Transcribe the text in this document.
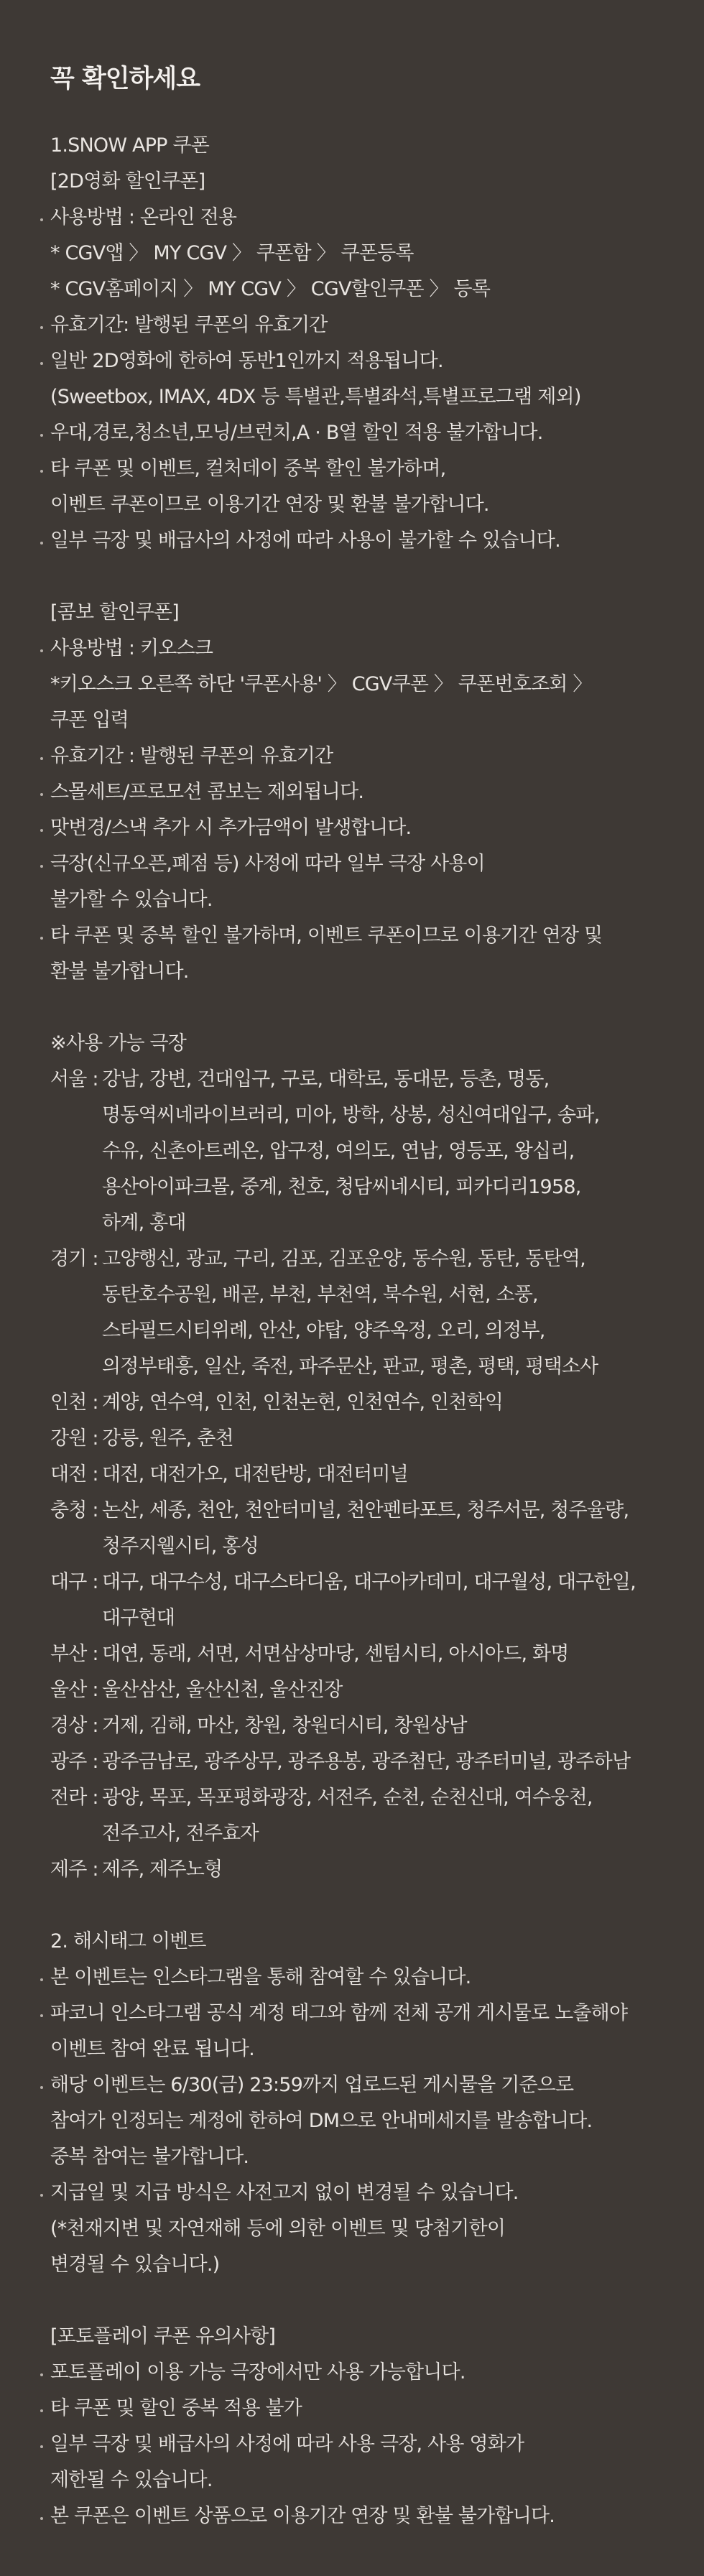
꼭 확인하세요
1.SNOW APP 쿠폰
[2D영화 할인쿠폰]
사용방법 : 온라인 전용
* CGV앱 〉 MY CGV 〉 쿠폰함 〉 쿠폰등록
* CGV홈페이지 〉 MY CGV 〉 CGV할인쿠폰 〉 등록
유효기간: 발행된 쿠폰의 유효기간
일반 2D영화에 한하여 동반1인까지 적용됩니다.
(Sweetbox, IMAX, 4DX 등 특별관,특별좌석,특별프로그램 제외)
우대,경로,청소년,모닝/브런치,A · B열 할인 적용 불가합니다.
타 쿠폰 및 이벤트, 컬처데이 중복 할인 불가하며,
이벤트 쿠폰이므로 이용기간 연장 및 환불 불가합니다.
일부 극장 및 배급사의 사정에 따라 사용이 불가할 수 있습니다.
[콤보 할인쿠폰]
사용방법 : 키오스크
*키오스크 오른쪽 하단 '쿠폰사용' 〉 CGV쿠폰 〉 쿠폰번호조회 〉
쿠폰 입력
유효기간 : 발행된 쿠폰의 유효기간
스몰세트/프로모션 콤보는 제외됩니다.
맛변경/스낵 추가 시 추가금액이 발생합니다.
극장(신규오픈,폐점 등) 사정에 따라 일부 극장 사용이
불가할 수 있습니다.
타 쿠폰 및 중복 할인 불가하며, 이벤트 쿠폰이므로 이용기간 연장 및
환불 불가합니다.
※사용 가능 극장
서울 : 강남, 강변, 건대입구, 구로, 대학로, 동대문, 등촌, 명동,
명동역씨네라이브러리, 미아, 방학, 상봉, 성신여대입구, 송파,
수유, 신촌아트레온, 압구정, 여의도, 연남, 영등포, 왕십리,
용산아이파크몰, 중계, 천호, 청담씨네시티, 피카디리1958,
하계, 홍대
경기 : 고양행신, 광교, 구리, 김포, 김포운양, 동수원, 동탄, 동탄역,
동탄호수공원, 배곧, 부천, 부천역, 북수원, 서현, 소풍,
스타필드시티위례, 안산, 야탑, 양주옥정, 오리, 의정부,
의정부태흥, 일산, 죽전, 파주문산, 판교, 평촌, 평택, 평택소사
인천 : 계양, 연수역, 인천, 인천논현, 인천연수, 인천학익
강원 : 강릉, 원주, 춘천
대전 : 대전, 대전가오, 대전탄방, 대전터미널
충청 : 논산, 세종, 천안, 천안터미널, 천안펜타포트, 청주서문, 청주율량,
청주지웰시티, 홍성
대구 : 대구, 대구수성, 대구스타디움, 대구아카데미, 대구월성, 대구한일,
대구현대
부산 : 대연, 동래, 서면, 서면삼상마당, 센텀시티, 아시아드, 화명
울산 : 울산삼산, 울산신천, 울산진장
경상 : 거제, 김해, 마산, 창원, 창원더시티, 창원상남
광주 : 광주금남로, 광주상무, 광주용봉, 광주첨단, 광주터미널, 광주하남
전라 : 광양, 목포, 목포평화광장, 서전주, 순천, 순천신대, 여수웅천,
전주고사, 전주효자
제주 : 제주, 제주노형
2. 해시태그 이벤트
본 이벤트는 인스타그램을 통해 참여할 수 있습니다.
파코니 인스타그램 공식 계정 태그와 함께 전체 공개 게시물로 노출해야
이벤트 참여 완료 됩니다.
해당 이벤트는 6/30(금) 23:59까지 업로드된 게시물을 기준으로
참여가 인정되는 계정에 한하여 DM으로 안내메세지를 발송합니다.
중복 참여는 불가합니다.
지급일 및 지급 방식은 사전고지 없이 변경될 수 있습니다.
(*천재지변 및 자연재해 등에 의한 이벤트 및 당첨기한이
변경될 수 있습니다.)
[포토플레이 쿠폰 유의사항]
포토플레이 이용 가능 극장에서만 사용 가능합니다.
타 쿠폰 및 할인 중복 적용 불가
일부 극장 및 배급사의 사정에 따라 사용 극장, 사용 영화가
제한될 수 있습니다.
본 쿠폰은 이벤트 상품으로 이용기간 연장 및 환불 불가합니다.
